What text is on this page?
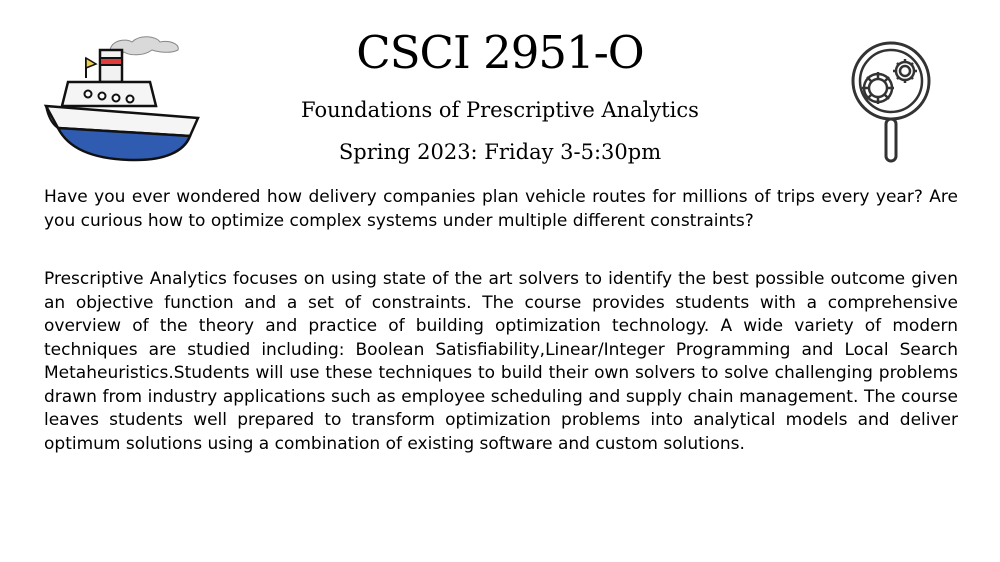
CSCI 2951-O
Foundations of Prescriptive Analytics
Spring 2023: Friday 3-5:30pm

Have you ever wondered how delivery companies plan vehicle routes for millions of trips every year? Are you curious how to optimize complex systems under multiple different constraints?

Prescriptive Analytics focuses on using state of the art solvers to identify the best possible outcome given an objective function and a set of constraints. The course provides students with a comprehensive overview of the theory and practice of building optimization technology. A wide variety of modern techniques are studied including: Boolean Satisfiability,Linear/Integer Programming and Local Search Metaheuristics.Students will use these techniques to build their own solvers to solve challenging problems drawn from industry applications such as employee scheduling and supply chain management. The course leaves students well prepared to transform optimization problems into analytical models and deliver optimum solutions using a combination of existing software and custom solutions.
